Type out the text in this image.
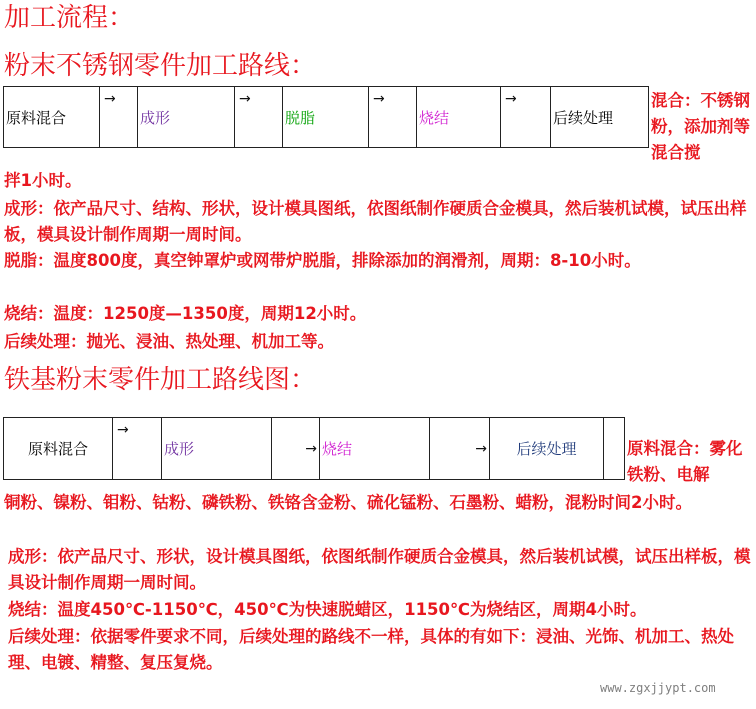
加工流程：
粉末不锈钢零件加工路线：
原料混合
→
成形
→
脱脂
→
烧结
→
后续处理
混合：不锈钢粉，添加剂等混合搅
拌1小时。
成形：依产品尺寸、结构、形状，设计模具图纸，依图纸制作硬质合金模具，然后装机试模，试压出样板，模具设计制作周期一周时间。
脱脂：温度800度，真空钟罩炉或网带炉脱脂，排除添加的润滑剂，周期：8-10小时。
烧结：温度：1250度—1350度，周期12小时。
后续处理：抛光、浸油、热处理、机加工等。
铁基粉末零件加工路线图：
原料混合
→
成形	→ 烧结	→	后续处理	原料混合：雾化铁粉、电解
铜粉、镍粉、钼粉、钴粉、磷铁粉、铁铬含金粉、硫化锰粉、石墨粉、蜡粉，混粉时间2小时。
成形：依产品尺寸、形状，设计模具图纸，依图纸制作硬质合金模具，然后装机试模，试压出样板，模具设计制作周期一周时间。
烧结：温度450℃-1150℃，450℃为快速脱蜡区，1150℃为烧结区，周期4小时。
后续处理：依据零件要求不同，后续处理的路线不一样，具体的有如下：浸油、光饰、机加工、热处理、电镀、精整、复压复烧。
www.zgxjjypt.com
